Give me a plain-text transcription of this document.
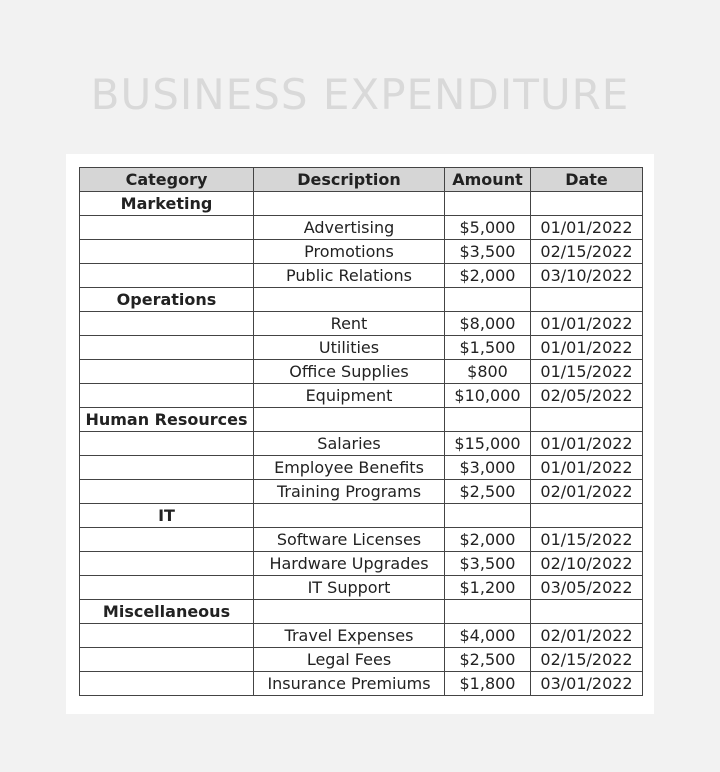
BUSINESS EXPENDITURE
Category	Description	Amount	Date
Marketing			
	Advertising	$5,000	01/01/2022
	Promotions	$3,500	02/15/2022
	Public Relations	$2,000	03/10/2022
Operations			
	Rent	$8,000	01/01/2022
	Utilities	$1,500	01/01/2022
	Office Supplies	$800	01/15/2022
	Equipment	$10,000	02/05/2022
Human Resources			
	Salaries	$15,000	01/01/2022
	Employee Benefits	$3,000	01/01/2022
	Training Programs	$2,500	02/01/2022
IT			
	Software Licenses	$2,000	01/15/2022
	Hardware Upgrades	$3,500	02/10/2022
	IT Support	$1,200	03/05/2022
Miscellaneous			
	Travel Expenses	$4,000	02/01/2022
	Legal Fees	$2,500	02/15/2022
	Insurance Premiums	$1,800	03/01/2022
